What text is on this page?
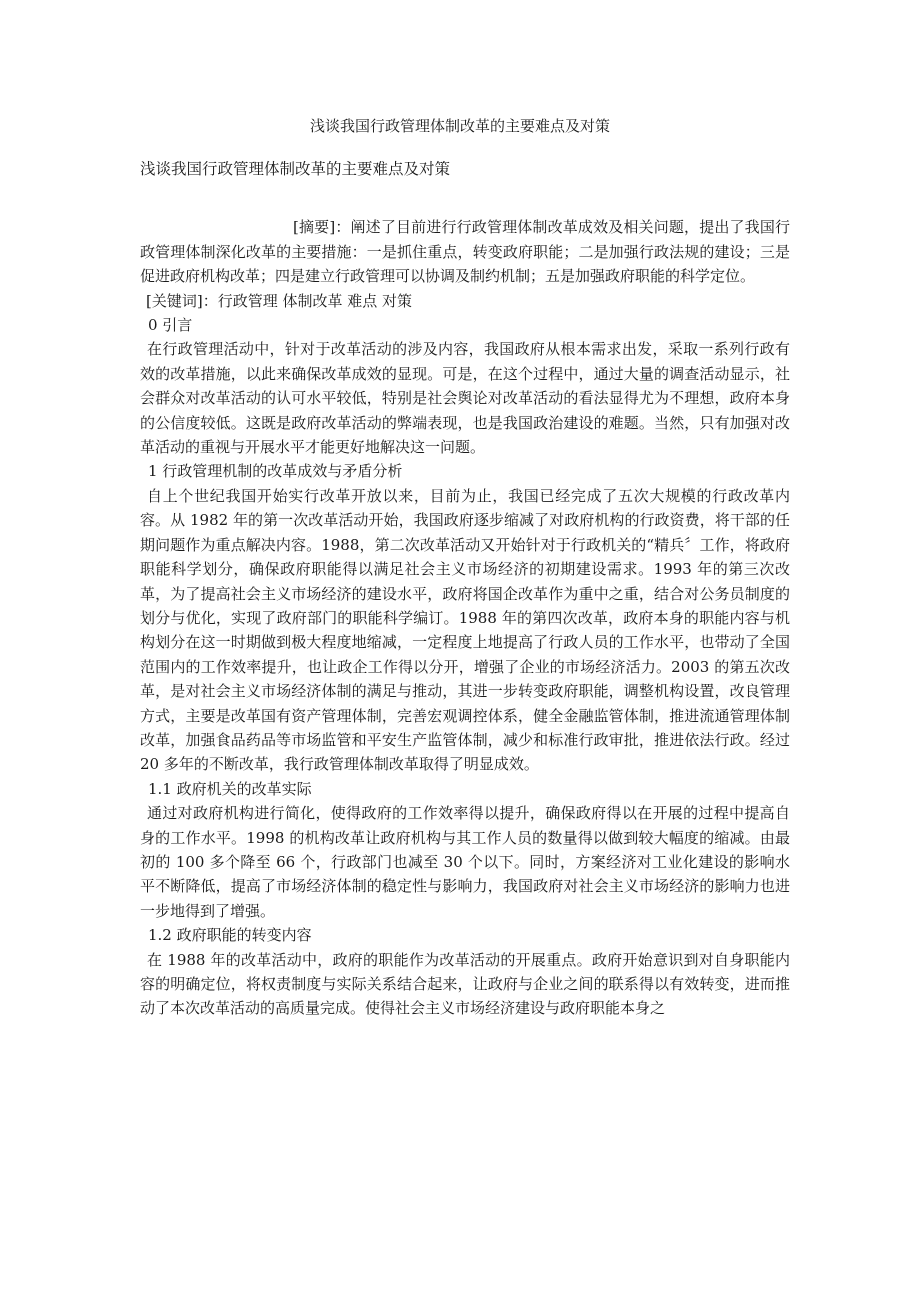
浅谈我国行政管理体制改革的主要难点及对策

浅谈我国行政管理体制改革的主要难点及对策

[摘要]：阐述了目前进行行政管理体制改革成效及相关问题，提出了我国行政管理体制深化改革的主要措施：一是抓住重点，转变政府职能；二是加强行政法规的建设；三是促进政府机构改革；四是建立行政管理可以协调及制约机制；五是加强政府职能的科学定位。

[关键词]：行政管理 体制改革 难点 对策

0 引言

在行政管理活动中，针对于改革活动的涉及内容，我国政府从根本需求出发，采取一系列行政有效的改革措施，以此来确保改革成效的显现。可是，在这个过程中，通过大量的调查活动显示，社会群众对改革活动的认可水平较低，特别是社会舆论对改革活动的看法显得尤为不理想，政府本身的公信度较低。这既是政府改革活动的弊端表现，也是我国政治建设的难题。当然，只有加强对改革活动的重视与开展水平才能更好地解决这一问题。

1 行政管理机制的改革成效与矛盾分析

自上个世纪我国开始实行改革开放以来，目前为止，我国已经完成了五次大规模的行政改革内容。从 1982 年的第一次改革活动开始，我国政府逐步缩减了对政府机构的行政资费，将干部的任期问题作为重点解决内容。1988，第二次改革活动又开始针对于行政机关的“精兵〞工作，将政府职能科学划分，确保政府职能得以满足社会主义市场经济的初期建设需求。1993 年的第三次改革，为了提高社会主义市场经济的建设水平，政府将国企改革作为重中之重，结合对公务员制度的划分与优化，实现了政府部门的职能科学编订。1988 年的第四次改革，政府本身的职能内容与机构划分在这一时期做到极大程度地缩减，一定程度上地提高了行政人员的工作水平，也带动了全国范围内的工作效率提升，也让政企工作得以分开，增强了企业的市场经济活力。2003 的第五次改革，是对社会主义市场经济体制的满足与推动，其进一步转变政府职能，调整机构设置，改良管理方式，主要是改革国有资产管理体制，完善宏观调控体系，健全金融监管体制，推进流通管理体制改革，加强食品药品等市场监管和平安生产监管体制，减少和标准行政审批，推进依法行政。经过 20 多年的不断改革，我行政管理体制改革取得了明显成效。

1.1 政府机关的改革实际

通过对政府机构进行简化，使得政府的工作效率得以提升，确保政府得以在开展的过程中提高自身的工作水平。1998 的机构改革让政府机构与其工作人员的数量得以做到较大幅度的缩减。由最初的 100 多个降至 66 个，行政部门也减至 30 个以下。同时，方案经济对工业化建设的影响水平不断降低，提高了市场经济体制的稳定性与影响力，我国政府对社会主义市场经济的影响力也进一步地得到了增强。

1.2 政府职能的转变内容

在 1988 年的改革活动中，政府的职能作为改革活动的开展重点。政府开始意识到对自身职能内容的明确定位，将权责制度与实际关系结合起来，让政府与企业之间的联系得以有效转变，进而推动了本次改革活动的高质量完成。使得社会主义市场经济建设与政府职能本身之
